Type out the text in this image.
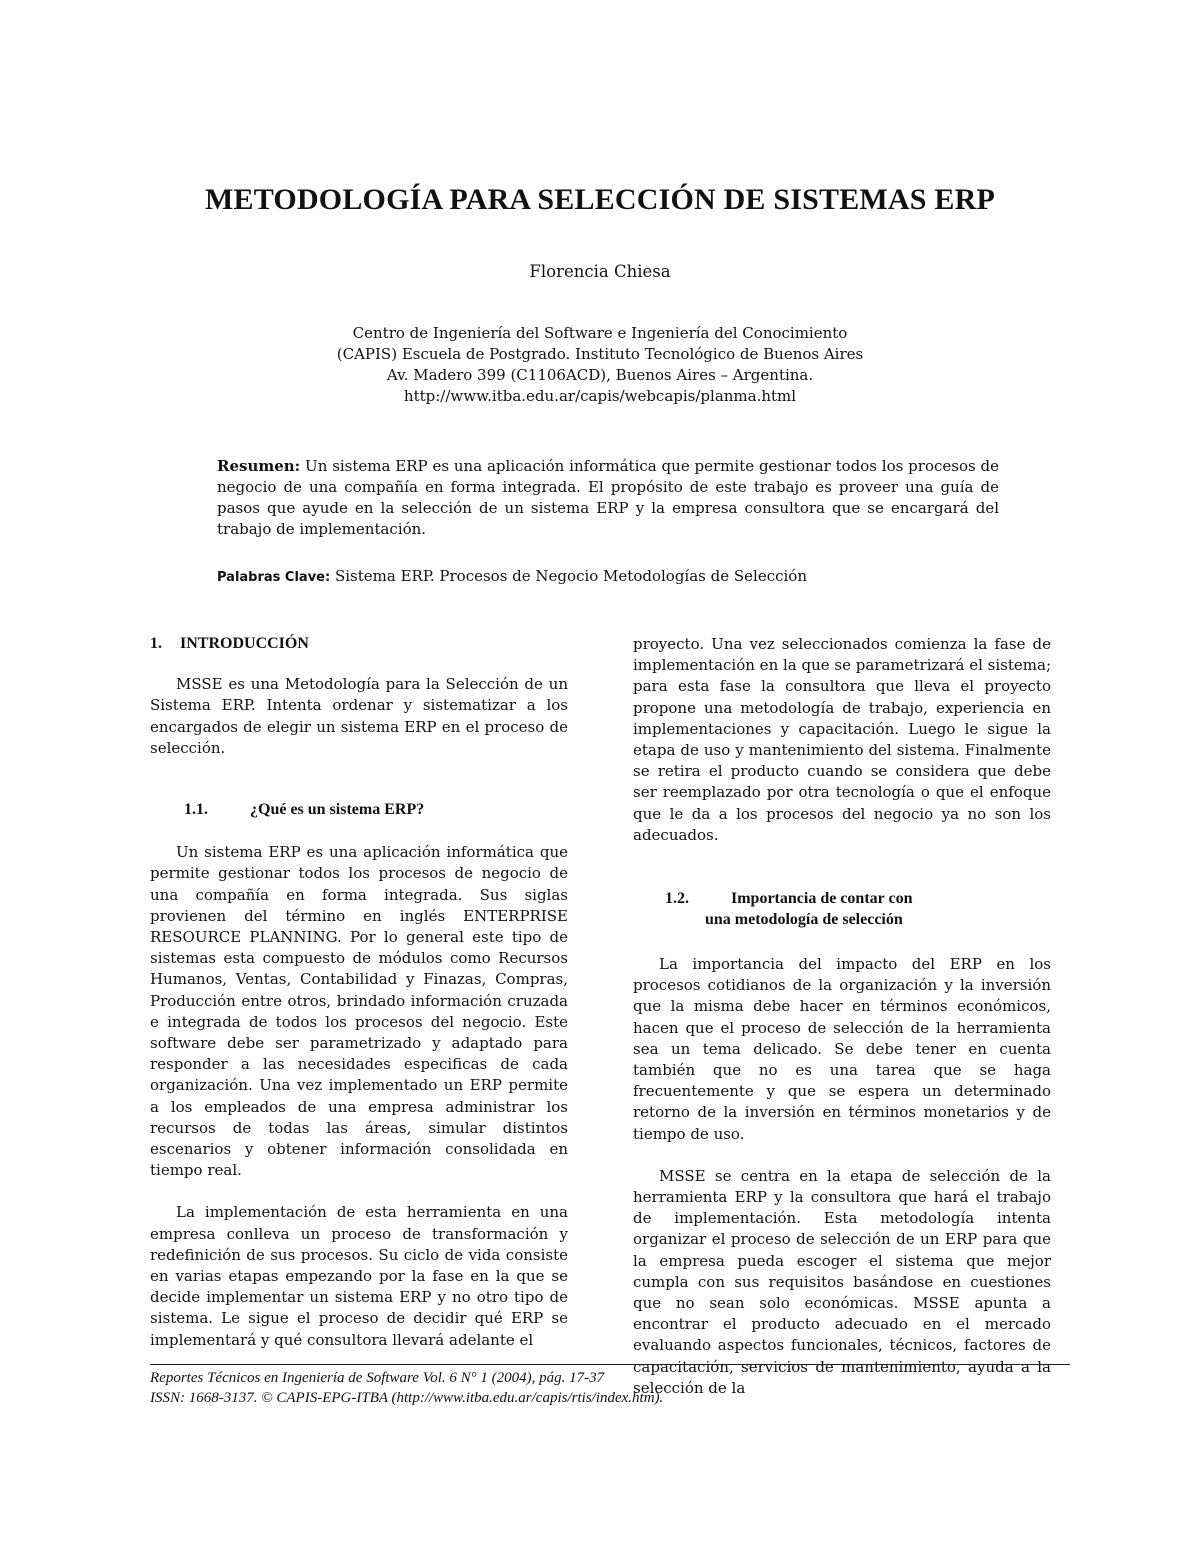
METODOLOGÍA PARA SELECCIÓN DE SISTEMAS ERP
Florencia Chiesa
Centro de Ingeniería del Software e Ingeniería del Conocimiento
(CAPIS) Escuela de Postgrado. Instituto Tecnológico de Buenos Aires
Av. Madero 399 (C1106ACD), Buenos Aires – Argentina.
http://www.itba.edu.ar/capis/webcapis/planma.html
Resumen: Un sistema ERP es una aplicación informática que permite gestionar todos los procesos de negocio de una compañía en forma integrada. El propósito de este trabajo es proveer una guía de pasos que ayude en la selección de un sistema ERP y la empresa consultora que se encargará del trabajo de implementación.
Palabras Clave: Sistema ERP. Procesos de Negocio Metodologías de Selección
1. INTRODUCCIÓN

MSSE es una Metodología para la Selección de un Sistema ERP. Intenta ordenar y sistematizar a los encargados de elegir un sistema ERP en el proceso de selección.

1.1.	¿Qué es un sistema ERP?

Un sistema ERP es una aplicación informática que permite gestionar todos los procesos de negocio de una compañía en forma integrada. Sus siglas provienen del término en inglés ENTERPRISE RESOURCE PLANNING. Por lo general este tipo de sistemas esta compuesto de módulos como Recursos Humanos, Ventas, Contabilidad y Finazas, Compras, Producción entre otros, brindado información cruzada e integrada de todos los procesos del negocio. Este software debe ser parametrizado y adaptado para responder a las necesidades especificas de cada organización. Una vez implementado un ERP permite a los empleados de una empresa administrar los recursos de todas las áreas, simular distintos escenarios y obtener información consolidada en tiempo real.

La implementación de esta herramienta en una empresa conlleva un proceso de transformación y redefinición de sus procesos. Su ciclo de vida consiste en varias etapas empezando por la fase en la que se decide implementar un sistema ERP y no otro tipo de sistema. Le sigue el proceso de decidir qué ERP se implementará y qué consultora llevará adelante el

proyecto. Una vez seleccionados comienza la fase de implementación en la que se parametrizará el sistema; para esta fase la consultora que lleva el proyecto propone una metodología de trabajo, experiencia en implementaciones y capacitación. Luego le sigue la etapa de uso y mantenimiento del sistema. Finalmente se retira el producto cuando se considera que debe ser reemplazado por otra tecnología o que el enfoque que le da a los procesos del negocio ya no son los adecuados.

1.2.	Importancia de contar con
una metodología de selección

La importancia del impacto del ERP en los procesos cotidianos de la organización y la inversión que la misma debe hacer en términos económicos, hacen que el proceso de selección de la herramienta sea un tema delicado. Se debe tener en cuenta también que no es una tarea que se haga frecuentemente y que se espera un determinado retorno de la inversión en términos monetarios y de tiempo de uso.

MSSE se centra en la etapa de selección de la herramienta ERP y la consultora que hará el trabajo de implementación. Esta metodología intenta organizar el proceso de selección de un ERP para que la empresa pueda escoger el sistema que mejor cumpla con sus requisitos basándose en cuestiones que no sean solo económicas. MSSE apunta a encontrar el producto adecuado en el mercado evaluando aspectos funcionales, técnicos, factores de capacitación, servicios de mantenimiento, ayuda a la selección de la

Reportes Técnicos en Ingeniería de Software Vol. 6 N° 1 (2004), pág. 17-37
ISSN: 1668-3137. © CAPIS-EPG-ITBA (http://www.itba.edu.ar/capis/rtis/index.htm).
